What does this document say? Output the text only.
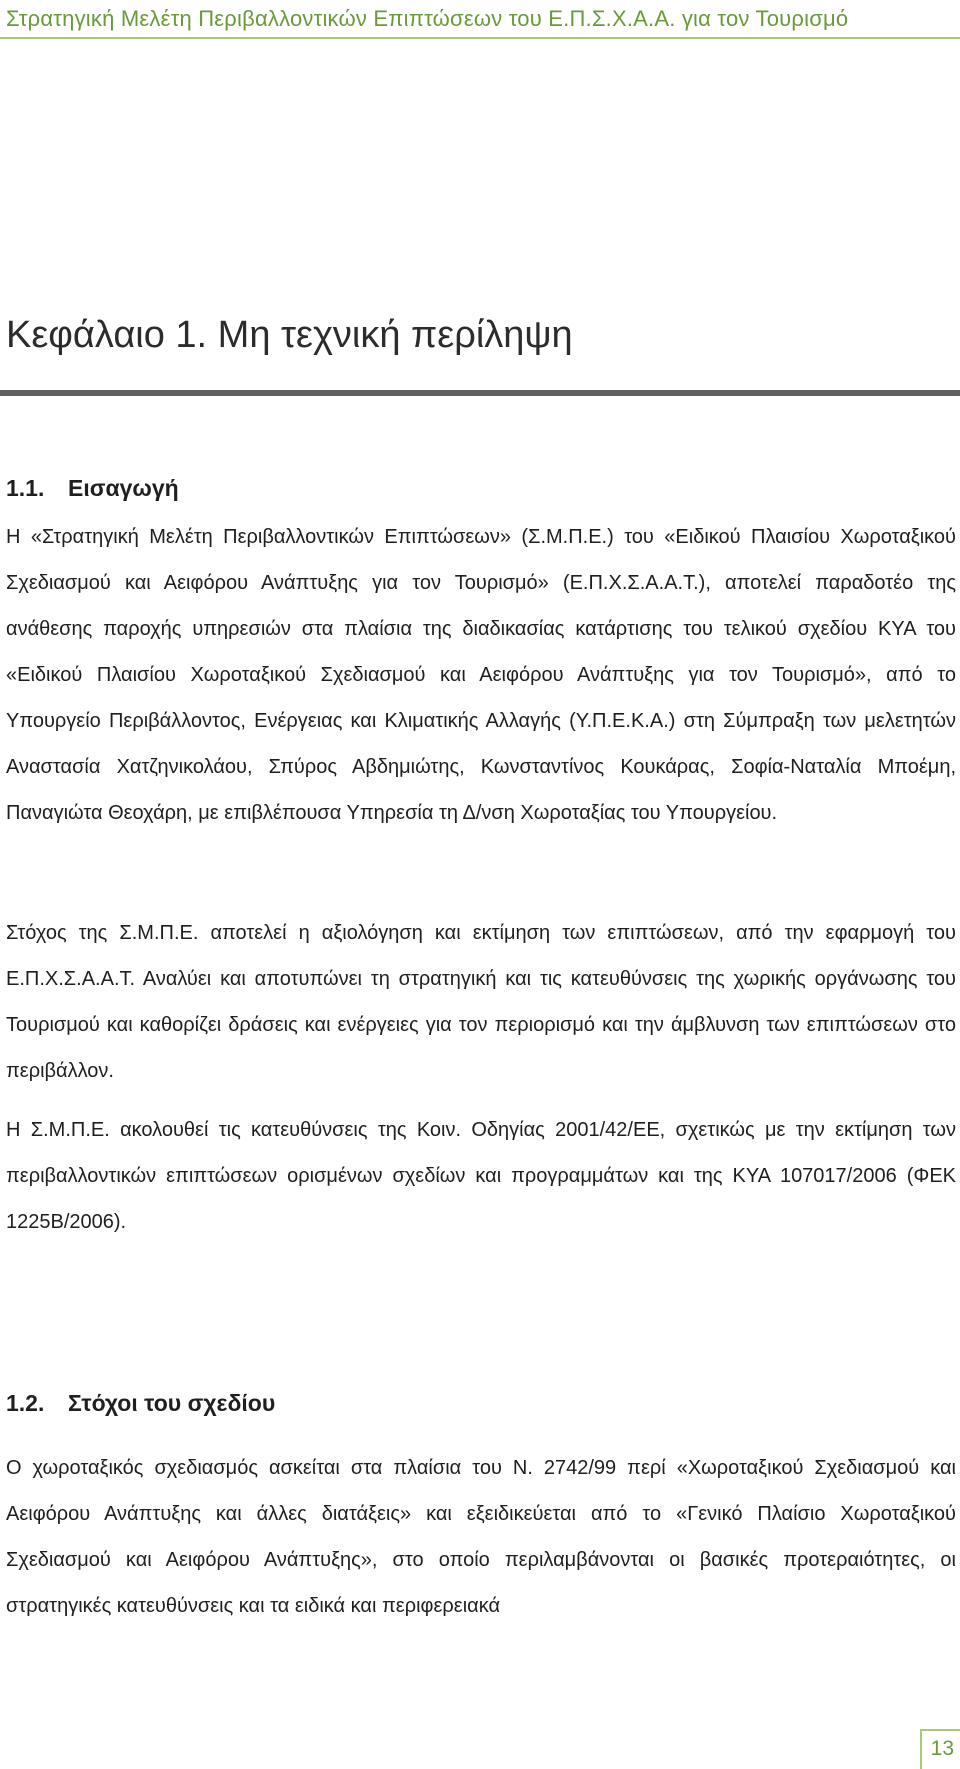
Στρατηγική Μελέτη Περιβαλλοντικών Επιπτώσεων του Ε.Π.Σ.Χ.Α.Α. για τον Τουρισμό
Κεφάλαιο 1. Μη τεχνική περίληψη
1.1. Εισαγωγή

Η «Στρατηγική Μελέτη Περιβαλλοντικών Επιπτώσεων» (Σ.Μ.Π.Ε.) του «Ειδικού Πλαισίου Χωροταξικού Σχεδιασμού και Αειφόρου Ανάπτυξης για τον Τουρισμό» (Ε.Π.Χ.Σ.Α.Α.Τ.), αποτελεί παραδοτέο της ανάθεσης παροχής υπηρεσιών στα πλαίσια της διαδικασίας κατάρτισης του τελικού σχεδίου ΚΥΑ του «Ειδικού Πλαισίου Χωροταξικού Σχεδιασμού και Αειφόρου Ανάπτυξης για τον Τουρισμό», από το Υπουργείο Περιβάλλοντος, Ενέργειας και Κλιματικής Αλλαγής (Υ.Π.Ε.Κ.Α.) στη Σύμπραξη των μελετητών Αναστασία Χατζηνικολάου, Σπύρος Αβδημιώτης, Κωνσταντίνος Κουκάρας, Σοφία-Ναταλία Μποέμη, Παναγιώτα Θεοχάρη, με επιβλέπουσα Υπηρεσία τη Δ/νση Χωροταξίας του Υπουργείου.

Στόχος της Σ.Μ.Π.Ε. αποτελεί η αξιολόγηση και εκτίμηση των επιπτώσεων, από την εφαρμογή του Ε.Π.Χ.Σ.Α.Α.Τ. Αναλύει και αποτυπώνει τη στρατηγική και τις κατευθύνσεις της χωρικής οργάνωσης του Τουρισμού και καθορίζει δράσεις και ενέργειες για τον περιορισμό και την άμβλυνση των επιπτώσεων στο περιβάλλον.

Η Σ.Μ.Π.Ε. ακολουθεί τις κατευθύνσεις της Κοιν. Οδηγίας 2001/42/ΕΕ, σχετικώς με την εκτίμηση των περιβαλλοντικών επιπτώσεων ορισμένων σχεδίων και προγραμμάτων και της ΚΥΑ 107017/2006 (ΦΕΚ 1225Β/2006).

1.2. Στόχοι του σχεδίου

Ο χωροταξικός σχεδιασμός ασκείται στα πλαίσια του Ν. 2742/99 περί «Χωροταξικού Σχεδιασμού και Αειφόρου Ανάπτυξης και άλλες διατάξεις» και εξειδικεύεται από το «Γενικό Πλαίσιο Χωροταξικού Σχεδιασμού και Αειφόρου Ανάπτυξης», στο οποίο περιλαμβάνονται οι βασικές προτεραιότητες, οι στρατηγικές κατευθύνσεις και τα ειδικά και περιφερειακά

13
